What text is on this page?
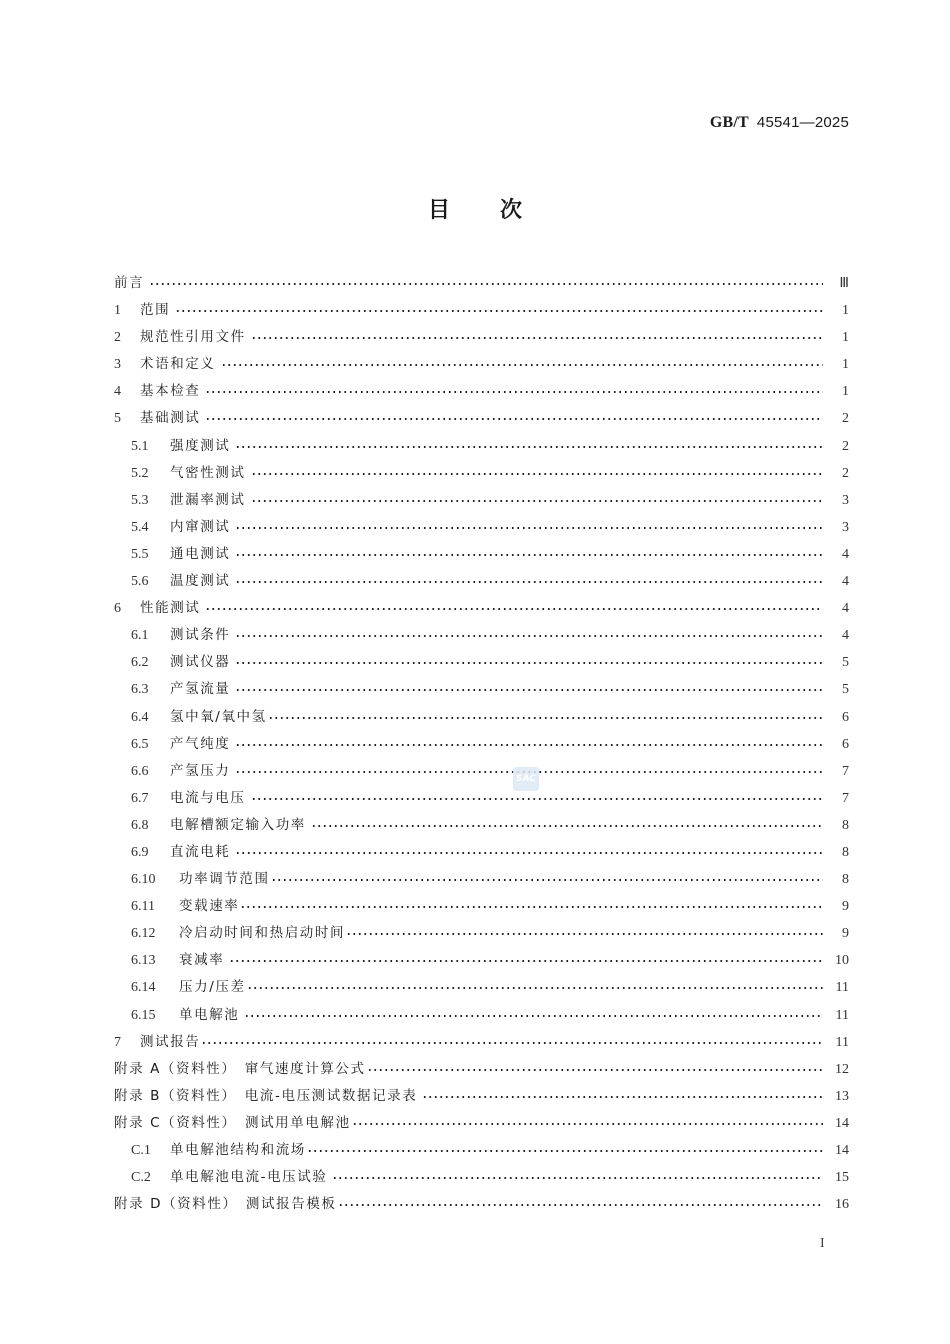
GB/T 45541—2025
目 次
前言	Ⅲ
1	范围	1
2	规范性引用文件	1
3	术语和定义	1
4	基本检查	1
5	基础测试	2
5.1	强度测试	2
5.2	气密性测试	2
5.3	泄漏率测试	3
5.4	内窜测试	3
5.5	通电测试	4
5.6	温度测试	4
6	性能测试	4
6.1	测试条件	4
6.2	测试仪器	5
6.3	产氢流量	5
6.4	氢中氧/氧中氢	6
6.5	产气纯度	6
6.6	产氢压力	7
6.7	电流与电压	7
6.8	电解槽额定输入功率	8
6.9	直流电耗	8
6.10	功率调节范围	8
6.11	变载速率	9
6.12	冷启动时间和热启动时间	9
6.13	衰减率	10
6.14	压力/压差	11
6.15	单电解池	11
7	测试报告	11
附录 A（资料性）　窜气速度计算公式	12
附录 B（资料性）　电流-电压测试数据记录表	13
附录 C（资料性）　测试用单电解池	14
C.1	单电解池结构和流场	14
C.2	单电解池电流-电压试验	15
附录 D（资料性）　测试报告模板	16
SAC
I
